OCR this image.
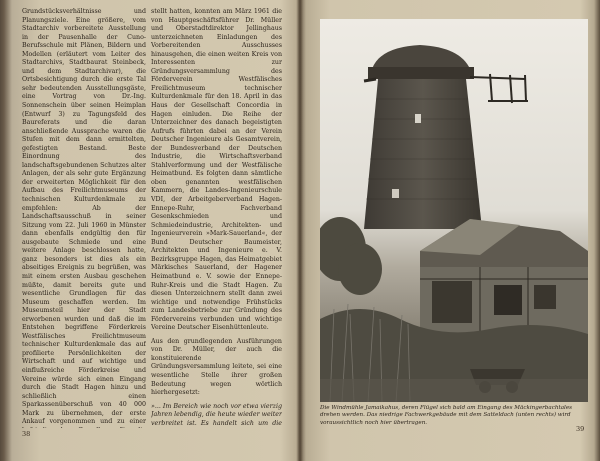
Grundstücksverhältnisse und Planungsziele. Eine größere, vom Stadtarchiv vorbereitete Ausstellung in der Pausenhalle der Cuno-Berufsschule mit Plänen, Bildern und Modellen (erläutert vom Leiter des Stadtarchivs, Stadtbaurat Steinbeck, und dem Stadtarchivar), die Ortsbesichtigung durch die erste Tal sehr bedeutenden Ausstellungsgäste, eine Vortrag von Dr.-Ing. Sonnenschein über seinen Heimplan (Entwurf 3) zu Tagungsfeld des Baureferats und die daran anschließende Aussprache waren die Stufen mit dem dann ermittelten, gefestigten Bestand. Beste Einordnung des landschaftsgebundenen Schutzes alter Anlagen, der als sehr gute Ergänzung der erweiterten Möglichkeit für den Aufbau des Freilichtmuseums der technischen Kulturdenkmale zu empfehlen: Ab der Landschaftsausschuß in seiner Sitzung vom 22. Juli 1960 in Münster dann ebenfalls endgültig den für ausgebaute Schmiede und eine weitere Anlage beschlossen hatte, ganz besonders ist dies als ein abseitiges Ereignis zu begrüßen, was mit einem ersten Ausbau geschehen müßte, damit bereits gute und wesentliche Grundlagen für das Museum geschaffen werden. Im Museumsteil hier der Stadt erworbenen wurden und daß die im Entstehen begriffene Förderkreis Westfälisches Freilichtmuseum technischer Kulturdenkmale das auf profilierte Persönlichkeiten der Wirtschaft und auf wichtige und einflußreiche Förderkreise und Vereine würde sich einen Eingang durch die Stadt Hagen hinzu und schließlich einen Sparkassenüberschuß von 40 000 Mark zu übernehmen, der erste Ankauf vorgenommen und zu einer

stellt hatten, konnten am März 1961 die von Hauptgeschäftsführer Dr. Müller und Oberstadtdirektor Jellinghaus unterzeichneten Einladungen des Vorbereitenden Ausschusses hinausgehen, die einen weiten Kreis von Interessenten zur Gründungsversammlung des Förderverein Westfälisches Freilichtmuseum technischer Kulturdenkmale für den 18. April in das Haus der Gesellschaft Concordia in Hagen einluden. Die Reihe der Unterzeichner des danach begeistigten Aufrufs führten dabei an der Verein Deutscher Ingenieure als Gesamtverein, der Bundesverband der Deutschen Industrie, die Wirtschaftsverband Stahlverformung und der Westfälische Heimatbund. Es folgten dann sämtliche oben genannten westfälischen Kammern, die Landes-Ingenieurschule VDI, der Arbeitgeberverband Hagen-Ennepe-Ruhr, Fachverband Gesenkschmieden und Schmiedeindustrie, Architekten- und Ingenieurverein »Mark-Sauerland«, der Bund Deutscher Baumeister, Architekten und Ingenieure e. V. Bezirksgruppe Hagen, das Heimatgebiet Märkisches Sauerland, der Hagener Heimatbund e. V. sowie der Ennepe-Ruhr-Kreis und die Stadt Hagen. Zu diesen Unterzeichnern stellt dann zwei wichtige und notwendige Frühstücks zum Landesbetriebe zur Gründung des Fördervereins verbunden und wichtige Vereine Deutscher Eisenhüttenleute.

Aus den grundlegenden Ausführungen von Dr. Müller, der auch die konstituierende Gründungsversammlung leitete, sei eine wesentliche Stelle ihrer großen Bedeutung wegen wörtlich hierhergesetzt:

»... Im Bereich wie noch vor etwa vierzig Jahren lebendig, die heute wieder weiter verbreitet ist. Es handelt sich um die

38
Die Windmühle Jamaikahus, deren Flügel sich bald am Eingang des Mäckingerbachtales drehen werden. Das niedrige Fachwerkgebäude mit dem Satteldach (unten rechts) wird voraussichtlich noch hier übertragen.
39
